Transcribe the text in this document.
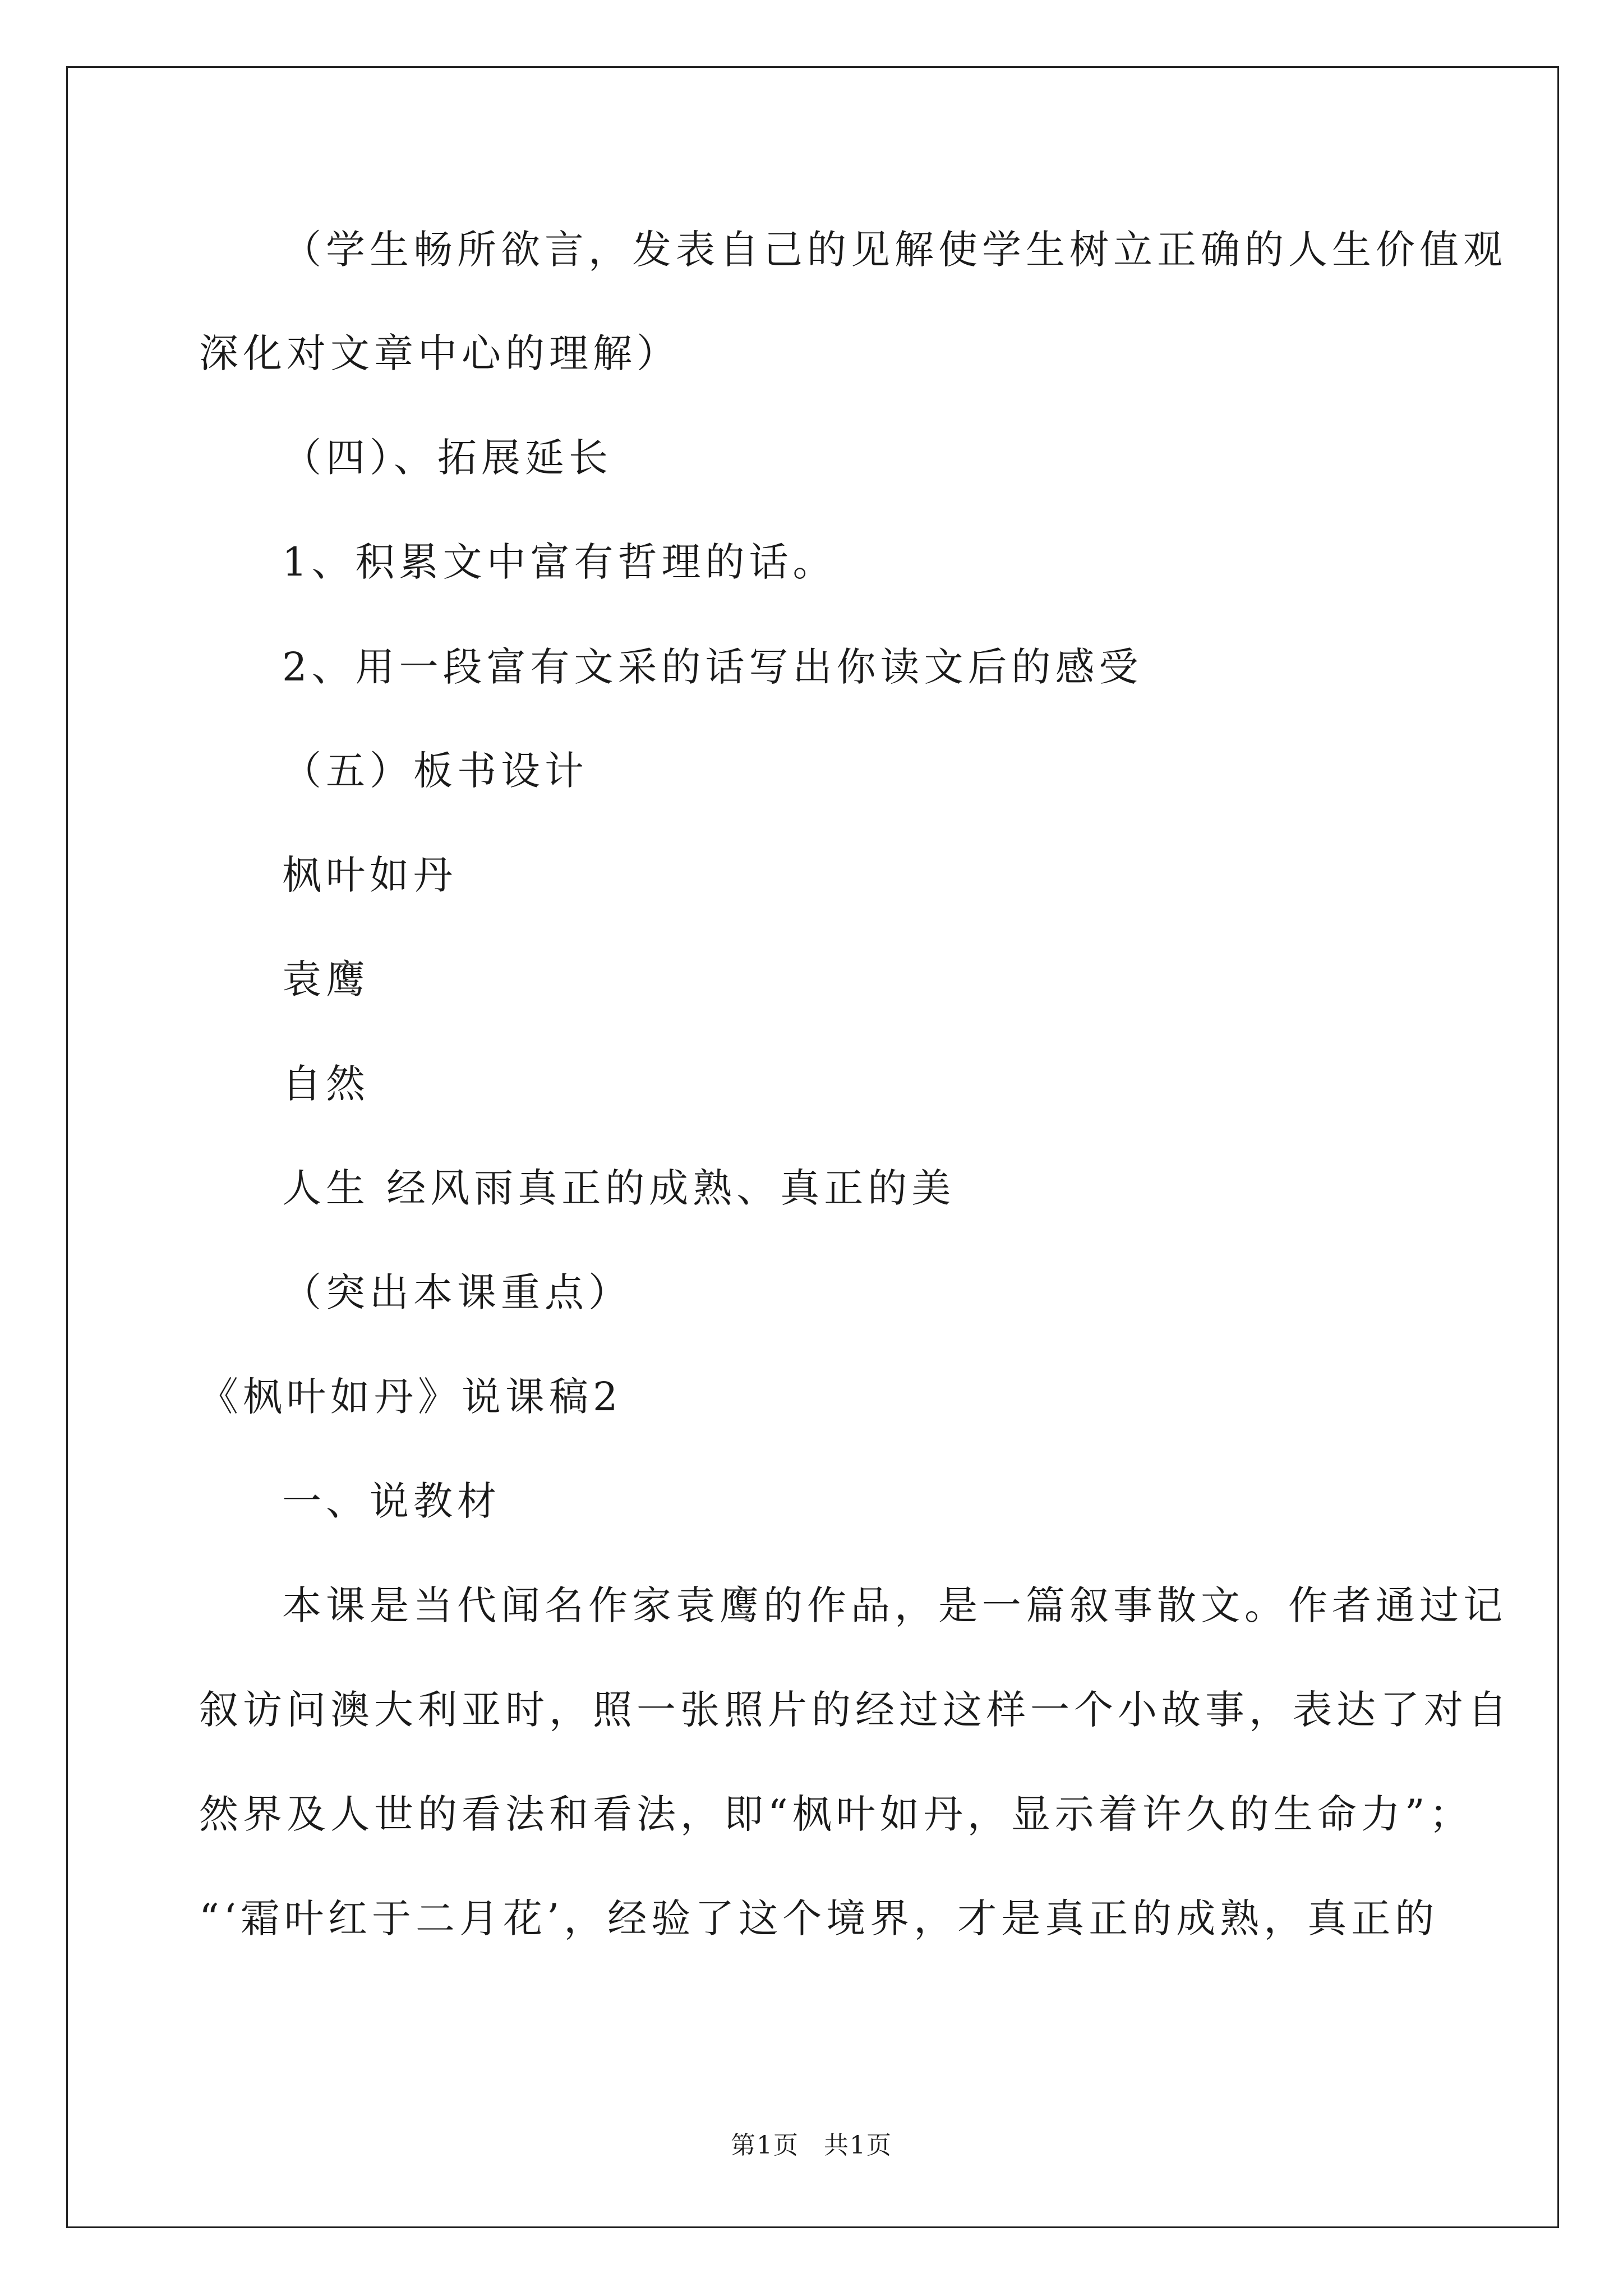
（学生畅所欲言，发表自己的见解使学生树立正确的人生价值观
深化对文章中心的理解）
（四）、拓展延长
1、积累文中富有哲理的话。
2、用一段富有文采的话写出你读文后的感受
（五）板书设计
枫叶如丹
袁鹰
自然
人生 经风雨真正的成熟、真正的美
（突出本课重点）
《枫叶如丹》说课稿2
一、说教材
本课是当代闻名作家袁鹰的作品，是一篇叙事散文。作者通过记
叙访问澳大利亚时，照一张照片的经过这样一个小故事，表达了对自
然界及人世的看法和看法，即“枫叶如丹，显示着许久的生命力”；
“‘霜叶红于二月花’，经验了这个境界，才是真正的成熟，真正的
第1页 共1页
